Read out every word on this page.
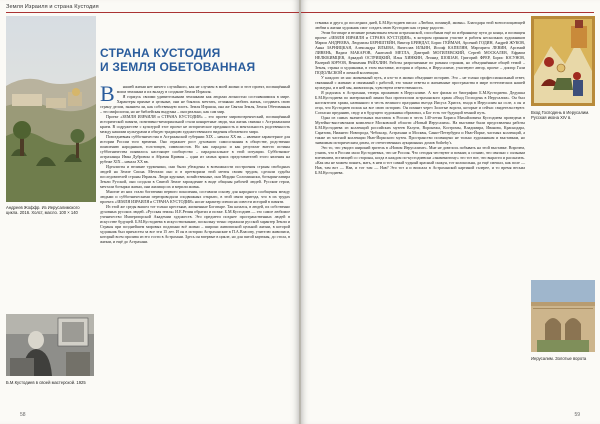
Земля Израиля и страна Кустодия
Андреев Жоффр. Из Иерусалимского цикла. 2016. Холст, масло. 100 × 140
Б.М.Кустодиев в своей мастерской. 1925
СТРАНА КУСТОДИЯ
И ЗЕМЛЯ ОБЕТОВАННАЯ
В	нашей жизни нет ничего случайного, как не случаен в моей жизни и этот проект, посвящённый моим землякам и их вкладу в создание Земли Израиля.

Я горжусь своими удивительными земляками как людьми личностно состоявшимися в мире. Характеры прямые и цельные, они не боялись мечтать, отчаянно любить жизнь, создавать свою страну делом, знанием ли, как собственную плоть. Земля Израиля, она же Святая Земля, Земля Обетованная – это мифология, но не библейская выдумка – они реально, как сам мир.

Проект «ЗЕМЛЯ ИЗРАИЛЯ и СТРАНА КУСТОДИЯ» – это проект мировоззренческий, посвящённый исторической памяти, позитивно-мемориальной стали конкретные люди, чья жизнь связана с Астраханским краем. В содружестве с культурой этот проект не историческое преданность и ментальность родственность между нашими культурами и общую традицию художественного видения обитаемого мира.

Повседневная субботничестиа в Астраханской губернии XIX – начала XX вв. – явление характерное для истории России того времени. Оно отражает рост духовного самосознания в обществе, родственно появлению народников, толстовцев, символистов. Но как парадокс и как результат вместо истины субботничества появилось настоящее сообщество – парадоксальное в этой ситуации. Субботники-астраханцы Иван Дубровин и Абрамн Кривин – одни из самых ярких представителей этого явления на рубеже XIX – начала XX вв.

Идеалисты и великие труженики, они были убеждены в возможности построения страны свободных людей на Земле Сиона. Мечтали оно и в претворили этой мечты своим трудом, сделали судьбы последователей страны Израиля. Люди крупные, хозяйственные, они Мордко Соломиански, ботырин-лавира Земли Русской, они создали в Святой Земле зарождение в виде общины рабочей людей. Русские герои, мечтали ботырки жизни, они жилищи их и мерили жизнь.

Многие из них стали богатеями первого поколения, составили основу для народного сообщения между людьми и субботническими перепроводили сподвижных открыто, в этой связи приезда, что в их трудах проекта «ЗЕМЛЯ ИЗРАИЛЯ и СТРАНА КУСТОДИЯ» носят характер спеши на совести историй в памяти.

Из этой же среды вышел тот только крестьяне, жизненные Богатыре. Так казался, в людей, их собственно духовных русских людей. «Русская земля» И.Е.Репин обратил и позже. Б.М.Кустодиев — это самое любимое ученичество Императорской Академии художеств. Это предмети позднее пространственных людей в искусстве будущей. Б.М.Кустодиева в искусствознание, поскольку точно отражали русской характер Земли и Страны при позднейшем мировых подлинно всё жизни – широки живописной цельной жизни, в которой художник был причастен за все эти 15 лет. И он в истории Астраханские в П.А.Власову, учителю живописи, который всем пролива из его гости в Астрахани. Здесь он впервые в цикле, но для пятой картины, до стола, в жизни, и ещё до Астрахани.

58

ствника и друга до последних дней, Б.М.Кустодиев писал: «Любим, поминуй, жизнь». Благодаря этой всепоглощающей любви к жизни художник смог создать свою Кустодию как страну радости.

Этим богатыре и великие романтикам земли астраханской, способным ещё по избранному пути до конца, и посвящен проект «ЗЕМЛЯ ИЗРАИЛЯ и СТРАНА КУСТОДИЯ», в котором приняли участие и работы нескольких художников Марии АНДРЕЕВА, Людмилы БЕРНШТЕЙН, Виктор БРИНДАТ, Борис ГЕЙМАН, Арсений ГОДИН, Андрей ЖУКОВ, Анна ЗАРНИЦКАЯ, Александра ИЛЬЕВА, Вячеслав ИЛЬИН, Иосиф КАПЕЛЯН, Маргарита ЛЕВИН, Арсений ЛИВЕНЬ, Вадим МАКАРОВ, Анатолий МЕТЛА, Дмитрий МОГИЛЕВСКИЙ, Сергей МОСКАЛЕВ, Ефраим НЕЛЮБИМЦЕВ, Аркадий ОСТРИЦКИЙ, Илья ХИНКИН, Леонид ШОШАН, Григорий ФРЕР, Борис ЮСУНОВ, Валерий ЮРУОВ, Вениамин РАЙХЛИН. Работы разрозненные по разным странам, но объединённые общей темой – Земля, страна и художники, в этом выставке, история и образы, в Иерусалиме, участвуют автор, проект – доктор Гали ПОДОЛЬСКОЙ в личной коллекции.

У каждого из нас жизненный путь, и кто-то в жизни объединит историю. Это – не только профессиональный ответ, связанный с жизнью и связанный с работой, это также ответы и жизненные пространства в мире эстетических нашей культуры, и в ней мы, живописцы, чувствуем ответственность.

Я родилась в Астрахани, теперь проживаю в Иерусалиме. А вот фильм из биографии Б.М.Кустодиева. Дедушка Б.М.Кустодиева по материнской линии был протопопом астраханского храма «Вход Господень в Иерусалим». Он был настоятелем храма, названного в честь великого праздника въезда Иисуса Христа, входа в Иерусалим на осле, а он и отца, что Кустодиев похож на все свою историю. Он помнит через Золотые ворота, которые и сейчас свидетельствуют. Согласно преданию, сюду и в будущего художника образовал, а Бог есть тот будущий земной путь.

Одна из самых значительных выставок в России в честь 140-летия Бориса Михайловича Кустодиева проведена в Музейно-выставочном комплексе Московской области «Новый Иерусалим». На выставке были представлены работы Б.М.Кустодиева из коллекций российских музеев Калуги, Воронежа, Костромы, Владимира, Иванова, Краснодара, Саратова, Нижнего Новгорода, Чебоксар, Астрахани и Москвы, Санкт-Петербурга и Нью-Йорке, частных коллекций, а также из частной коллекции Нью-Йоркского музея. Пространство посвящено не только художникам и выставкам, но значимым историческим датам, от отечественных аукционных домов Sotheby's.

Это то, что увидел широкий зритель в «Новом Иерусалиме». Мне не довелось побывать на этой выставке. Впрочем, узнать, что в России мало Кустодиевых, что не Россия. Что сегодня чествуют и помнят, я сознаю, что связано с сильным влечением, встающей со стороны, когда в каждом по-кустодиевски «знаменитому» это тот вот, что вырасти и рассказать. «Как мы не можем понять, мать, в нем и тот самый чудный красный скакун, тот колокольня, да ещё смешал, как поле — Нав, там вот — Нав, и тот там — Нав? Это тот я и вписала в Астраханской картиной галерее, и то время весьма Б.М.Кустодиева.

Вход Господень в Иерусалим. Русская икона XIV в.
Иерусалим. Золотые ворота
59
